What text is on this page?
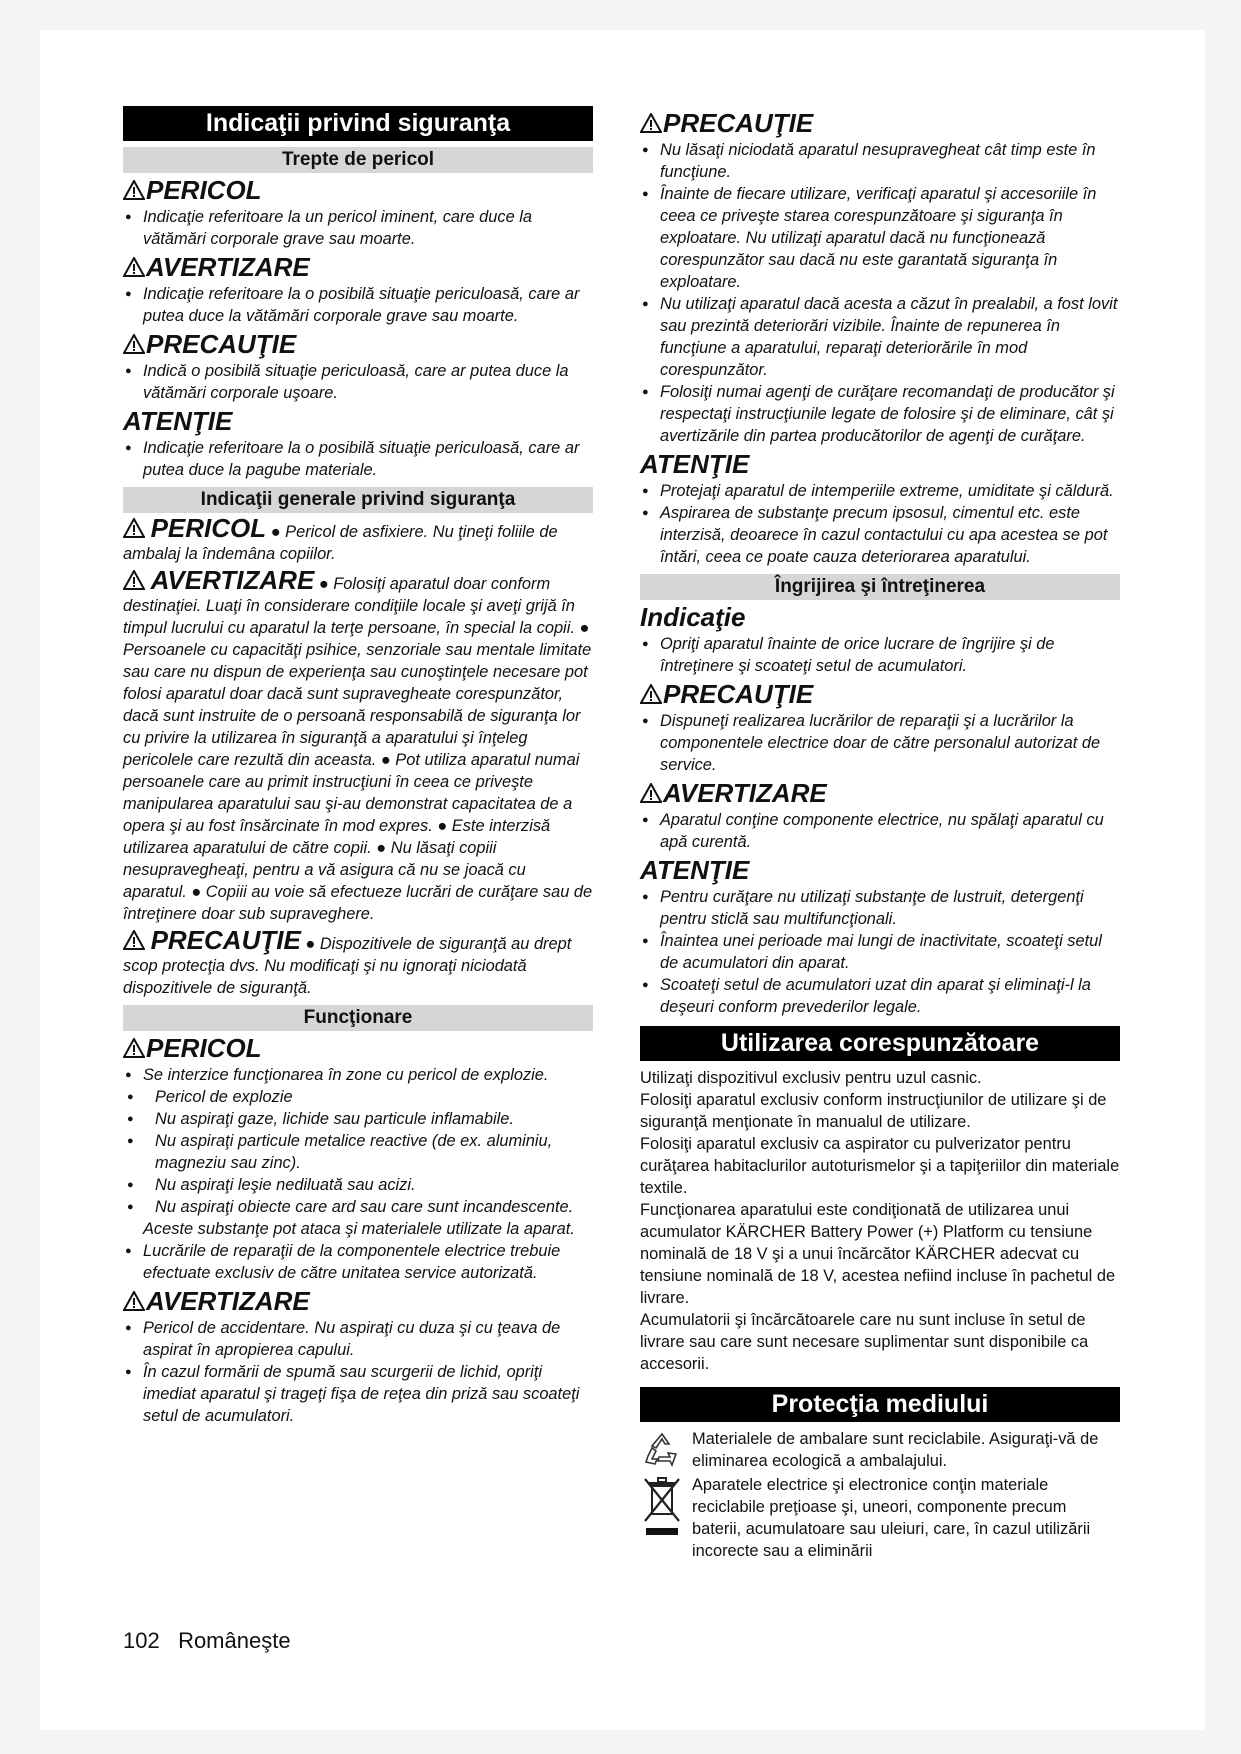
Indicaţii privind siguranţa
Trepte de pericol
PERICOL
● Indicaţie referitoare la un pericol iminent, care duce la vătămări corporale grave sau moarte.
AVERTIZARE
● Indicaţie referitoare la o posibilă situaţie periculoasă, care ar putea duce la vătămări corporale grave sau moarte.
PRECAUŢIE
● Indică o posibilă situaţie periculoasă, care ar putea duce la vătămări corporale uşoare.
ATENŢIE
● Indicaţie referitoare la o posibilă situaţie periculoasă, care ar putea duce la pagube materiale.
Indicaţii generale privind siguranţa
PERICOL ● Pericol de asfixiere. Nu ţineţi foliile de ambalaj la îndemâna copiilor.
AVERTIZARE ● Folosiţi aparatul doar conform destinaţiei. Luaţi în considerare condiţiile locale şi aveţi grijă în timpul lucrului cu aparatul la terţe persoane, în special la copii. ● Persoanele cu capacităţi psihice, senzoriale sau mentale limitate sau care nu dispun de experienţa sau cunoştinţele necesare pot folosi aparatul doar dacă sunt supravegheate corespunzător, dacă sunt instruite de o persoană responsabilă de siguranţa lor cu privire la utilizarea în siguranţă a aparatului şi înţeleg pericolele care rezultă din aceasta. ● Pot utiliza aparatul numai persoanele care au primit instrucţiuni în ceea ce priveşte manipularea aparatului sau şi-au demonstrat capacitatea de a opera şi au fost însărcinate în mod expres. ● Este interzisă utilizarea aparatului de către copii. ● Nu lăsaţi copiii nesupravegheaţi, pentru a vă asigura că nu se joacă cu aparatul. ● Copiii au voie să efectueze lucrări de curăţare sau de întreţinere doar sub supraveghere.
PRECAUŢIE ● Dispozitivele de siguranţă au drept scop protecţia dvs. Nu modificaţi şi nu ignoraţi niciodată dispozitivele de siguranţă.
Funcţionare
PERICOL
● Se interzice funcţionarea în zone cu pericol de explozie.
● Pericol de explozie
● Nu aspiraţi gaze, lichide sau particule inflamabile.
● Nu aspiraţi particule metalice reactive (de ex. aluminiu, magneziu sau zinc).
● Nu aspiraţi leşie nediluată sau acizi.
● Nu aspiraţi obiecte care ard sau care sunt incandescente.
Aceste substanţe pot ataca şi materialele utilizate la aparat.
● Lucrările de reparaţii de la componentele electrice trebuie efectuate exclusiv de către unitatea service autorizată.
AVERTIZARE
● Pericol de accidentare. Nu aspiraţi cu duza şi cu ţeava de aspirat în apropierea capului.
● În cazul formării de spumă sau scurgerii de lichid, opriţi imediat aparatul şi trageţi fişa de reţea din priză sau scoateţi setul de acumulatori.
PRECAUŢIE
● Nu lăsaţi niciodată aparatul nesupravegheat cât timp este în funcţiune.
● Înainte de fiecare utilizare, verificaţi aparatul şi accesoriile în ceea ce priveşte starea corespunzătoare şi siguranţa în exploatare. Nu utilizaţi aparatul dacă nu funcţionează corespunzător sau dacă nu este garantată siguranţa în exploatare.
● Nu utilizaţi aparatul dacă acesta a căzut în prealabil, a fost lovit sau prezintă deteriorări vizibile. Înainte de repunerea în funcţiune a aparatului, reparaţi deteriorările în mod corespunzător.
● Folosiţi numai agenţi de curăţare recomandaţi de producător şi respectaţi instrucţiunile legate de folosire şi de eliminare, cât şi avertizările din partea producătorilor de agenţi de curăţare.
ATENŢIE
● Protejaţi aparatul de intemperiile extreme, umiditate şi căldură.
● Aspirarea de substanţe precum ipsosul, cimentul etc. este interzisă, deoarece în cazul contactului cu apa acestea se pot întări, ceea ce poate cauza deteriorarea aparatului.
Îngrijirea şi întreţinerea
Indicaţie
● Opriţi aparatul înainte de orice lucrare de îngrijire şi de întreţinere şi scoateţi setul de acumulatori.
PRECAUŢIE
● Dispuneţi realizarea lucrărilor de reparaţii şi a lucrărilor la componentele electrice doar de către personalul autorizat de service.
AVERTIZARE
● Aparatul conţine componente electrice, nu spălaţi aparatul cu apă curentă.
ATENŢIE
● Pentru curăţare nu utilizaţi substanţe de lustruit, detergenţi pentru sticlă sau multifuncţionali.
● Înaintea unei perioade mai lungi de inactivitate, scoateţi setul de acumulatori din aparat.
● Scoateţi setul de acumulatori uzat din aparat şi eliminaţi-l la deşeuri conform prevederilor legale.
Utilizarea corespunzătoare
Utilizaţi dispozitivul exclusiv pentru uzul casnic.
Folosiţi aparatul exclusiv conform instrucţiunilor de utilizare şi de siguranţă menţionate în manualul de utilizare.
Folosiţi aparatul exclusiv ca aspirator cu pulverizator pentru curăţarea habitaclurilor autoturismelor şi a tapiţeriilor din materiale textile.
Funcţionarea aparatului este condiţionată de utilizarea unui acumulator KÄRCHER Battery Power (+) Platform cu tensiune nominală de 18 V şi a unui încărcător KÄRCHER adecvat cu tensiune nominală de 18 V, acestea nefiind incluse în pachetul de livrare.
Acumulatorii şi încărcătoarele care nu sunt incluse în setul de livrare sau care sunt necesare suplimentar sunt disponibile ca accesorii.
Protecţia mediului
Materialele de ambalare sunt reciclabile. Asiguraţi-vă de eliminarea ecologică a ambalajului.
Aparatele electrice şi electronice conţin materiale reciclabile preţioase şi, uneori, componente precum baterii, acumulatoare sau uleiuri, care, în cazul utilizării incorecte sau a eliminării
102 Româneşte
